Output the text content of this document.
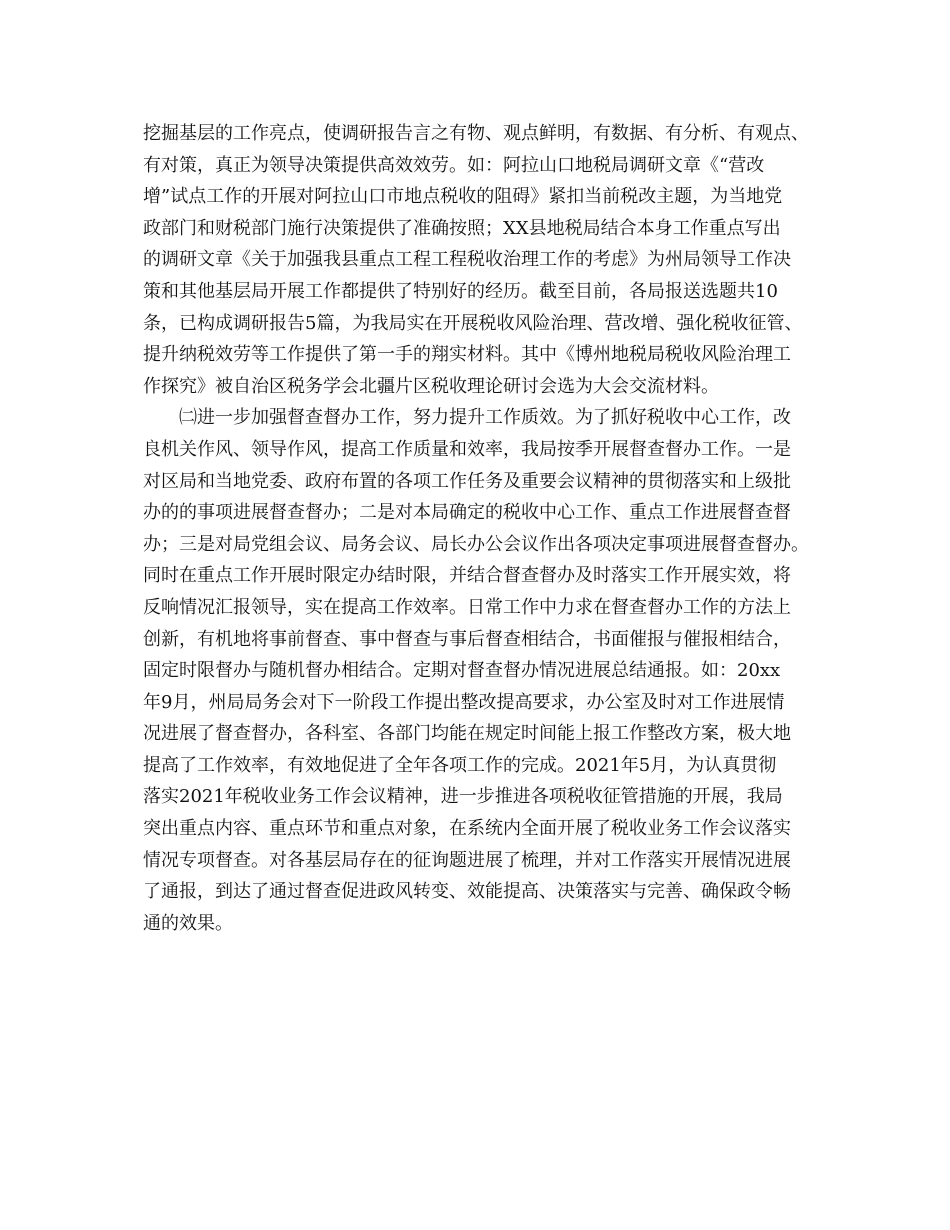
挖掘基层的工作亮点，使调研报告言之有物、观点鲜明，有数据、有分析、有观点、
有对策，真正为领导决策提供高效效劳。如：阿拉山口地税局调研文章《“营改
增”试点工作的开展对阿拉山口市地点税收的阻碍》紧扣当前税改主题，为当地党
政部门和财税部门施行决策提供了准确按照；XX县地税局结合本身工作重点写出
的调研文章《关于加强我县重点工程工程税收治理工作的考虑》为州局领导工作决
策和其他基层局开展工作都提供了特别好的经历。截至目前，各局报送选题共10
条，已构成调研报告5篇，为我局实在开展税收风险治理、营改增、强化税收征管、
提升纳税效劳等工作提供了第一手的翔实材料。其中《博州地税局税收风险治理工
作探究》被自治区税务学会北疆片区税收理论研讨会选为大会交流材料。
㈡进一步加强督查督办工作，努力提升工作质效。为了抓好税收中心工作，改
良机关作风、领导作风，提高工作质量和效率，我局按季开展督查督办工作。一是
对区局和当地党委、政府布置的各项工作任务及重要会议精神的贯彻落实和上级批
办的的事项进展督查督办；二是对本局确定的税收中心工作、重点工作进展督查督
办；三是对局党组会议、局务会议、局长办公会议作出各项决定事项进展督查督办。
同时在重点工作开展时限定办结时限，并结合督查督办及时落实工作开展实效，将
反响情况汇报领导，实在提高工作效率。日常工作中力求在督查督办工作的方法上
创新，有机地将事前督查、事中督查与事后督查相结合，书面催报与催报相结合，
固定时限督办与随机督办相结合。定期对督查督办情况进展总结通报。如：20xx
年9月，州局局务会对下一阶段工作提出整改提高要求，办公室及时对工作进展情
况进展了督查督办，各科室、各部门均能在规定时间能上报工作整改方案，极大地
提高了工作效率，有效地促进了全年各项工作的完成。2021年5月，为认真贯彻
落实2021年税收业务工作会议精神，进一步推进各项税收征管措施的开展，我局
突出重点内容、重点环节和重点对象，在系统内全面开展了税收业务工作会议落实
情况专项督查。对各基层局存在的征询题进展了梳理，并对工作落实开展情况进展
了通报，到达了通过督查促进政风转变、效能提高、决策落实与完善、确保政令畅
通的效果。
